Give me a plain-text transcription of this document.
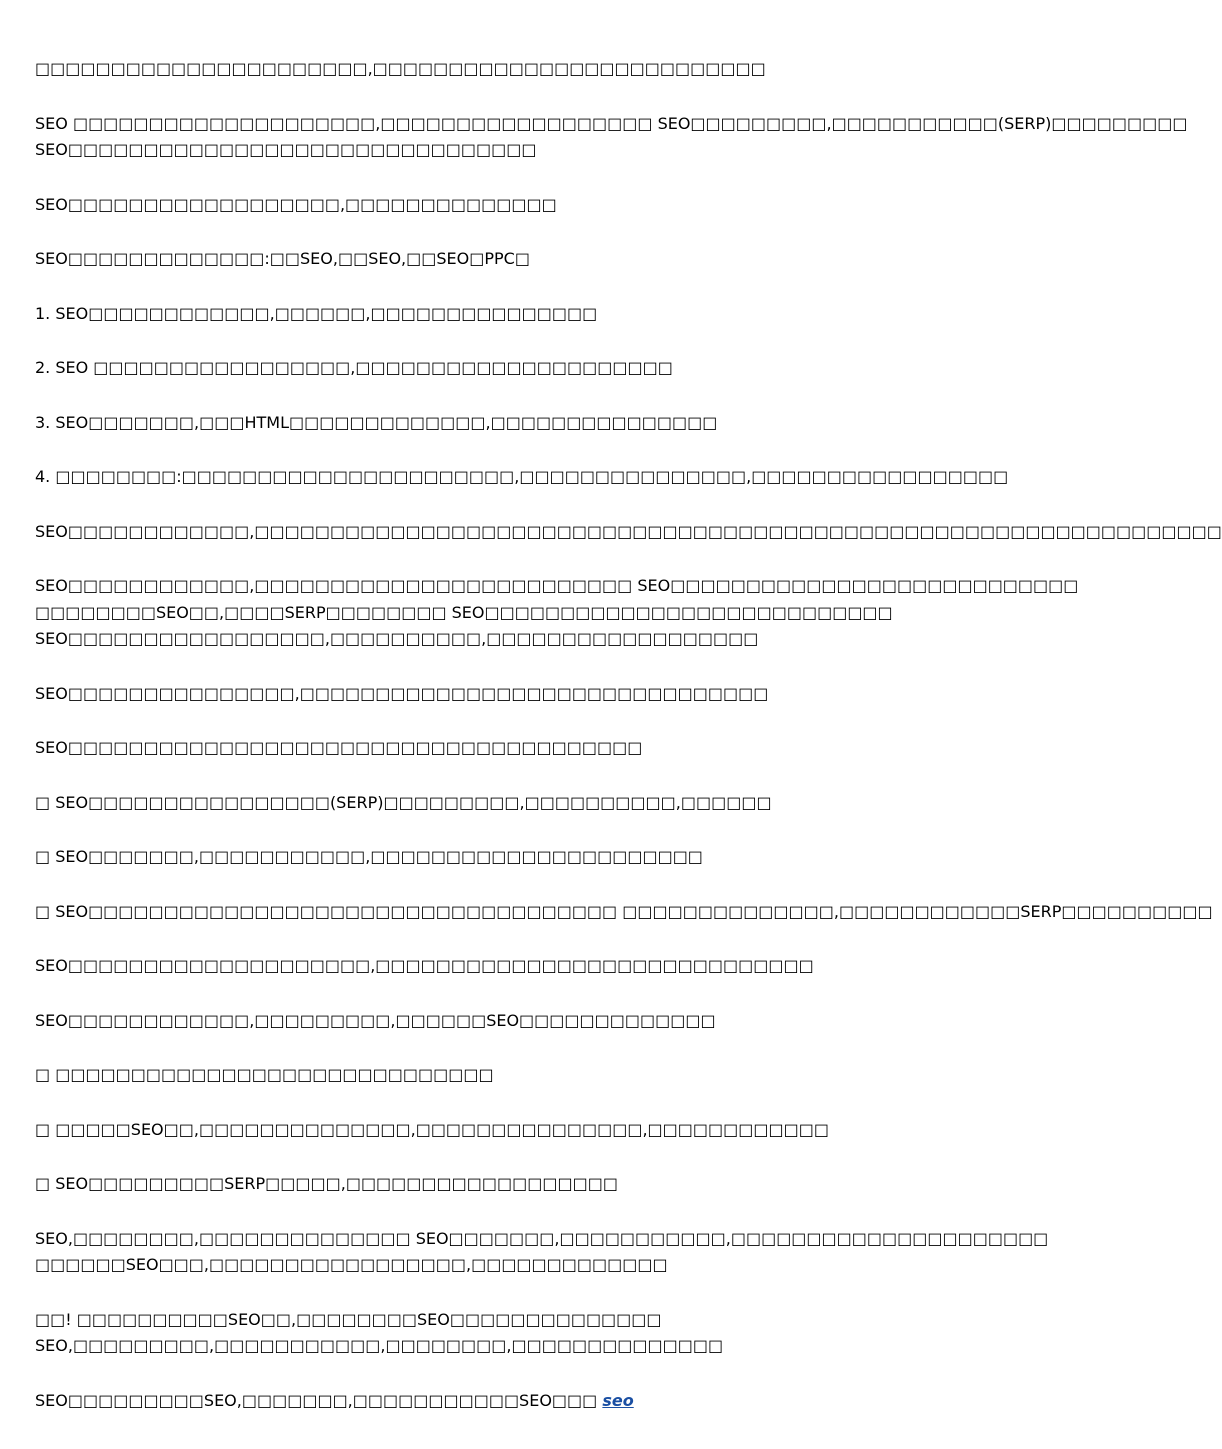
□□□□□□□□□□□□□□□□□□□□□□,□□□□□□□□□□□□□□□□□□□□□□□□□□

SEO □□□□□□□□□□□□□□□□□□□□,□□□□□□□□□□□□□□□□□□ SEO□□□□□□□□□,□□□□□□□□□□□(SERP)□□□□□□□□□
SEO□□□□□□□□□□□□□□□□□□□□□□□□□□□□□□□

SEO□□□□□□□□□□□□□□□□□□,□□□□□□□□□□□□□□

SEO□□□□□□□□□□□□□:□□SEO,□□SEO,□□SEO□PPC□

1. SEO□□□□□□□□□□□□,□□□□□□,□□□□□□□□□□□□□□□

2. SEO □□□□□□□□□□□□□□□□□,□□□□□□□□□□□□□□□□□□□□□

3. SEO□□□□□□□,□□□HTML□□□□□□□□□□□□□,□□□□□□□□□□□□□□□

4. □□□□□□□□:□□□□□□□□□□□□□□□□□□□□□□,□□□□□□□□□□□□□□□,□□□□□□□□□□□□□□□□□

SEO□□□□□□□□□□□□,□□□□□□□□□□□□□□□□□□□□□□□□□□□□□□□□□□□□□□□□□□□□□□□□□□□□□□□□□□□□□□□□

SEO□□□□□□□□□□□□,□□□□□□□□□□□□□□□□□□□□□□□□□ SEO□□□□□□□□□□□□□□□□□□□□□□□□□□□
□□□□□□□□SEO□□,□□□□SERP□□□□□□□□ SEO□□□□□□□□□□□□□□□□□□□□□□□□□□□
SEO□□□□□□□□□□□□□□□□□,□□□□□□□□□□,□□□□□□□□□□□□□□□□□□

SEO□□□□□□□□□□□□□□□,□□□□□□□□□□□□□□□□□□□□□□□□□□□□□□□

SEO□□□□□□□□□□□□□□□□□□□□□□□□□□□□□□□□□□□□□□

□ SEO□□□□□□□□□□□□□□□□(SERP)□□□□□□□□□,□□□□□□□□□□,□□□□□□

□ SEO□□□□□□□,□□□□□□□□□□□,□□□□□□□□□□□□□□□□□□□□□□

□ SEO□□□□□□□□□□□□□□□□□□□□□□□□□□□□□□□□□□□ □□□□□□□□□□□□□□,□□□□□□□□□□□□SERP□□□□□□□□□□

SEO□□□□□□□□□□□□□□□□□□□□,□□□□□□□□□□□□□□□□□□□□□□□□□□□□□

SEO□□□□□□□□□□□□,□□□□□□□□□,□□□□□□SEO□□□□□□□□□□□□□

□ □□□□□□□□□□□□□□□□□□□□□□□□□□□□□

□ □□□□□SEO□□,□□□□□□□□□□□□□□,□□□□□□□□□□□□□□□,□□□□□□□□□□□□

□ SEO□□□□□□□□□SERP□□□□□,□□□□□□□□□□□□□□□□□□

SEO,□□□□□□□□,□□□□□□□□□□□□□□ SEO□□□□□□□,□□□□□□□□□□□,□□□□□□□□□□□□□□□□□□□□□
□□□□□□SEO□□□,□□□□□□□□□□□□□□□□□,□□□□□□□□□□□□□

□□! □□□□□□□□□□SEO□□,□□□□□□□□SEO□□□□□□□□□□□□□□
SEO,□□□□□□□□□,□□□□□□□□□□□,□□□□□□□□,□□□□□□□□□□□□□□

SEO□□□□□□□□□SEO,□□□□□□□,□□□□□□□□□□□SEO□□□ seo
